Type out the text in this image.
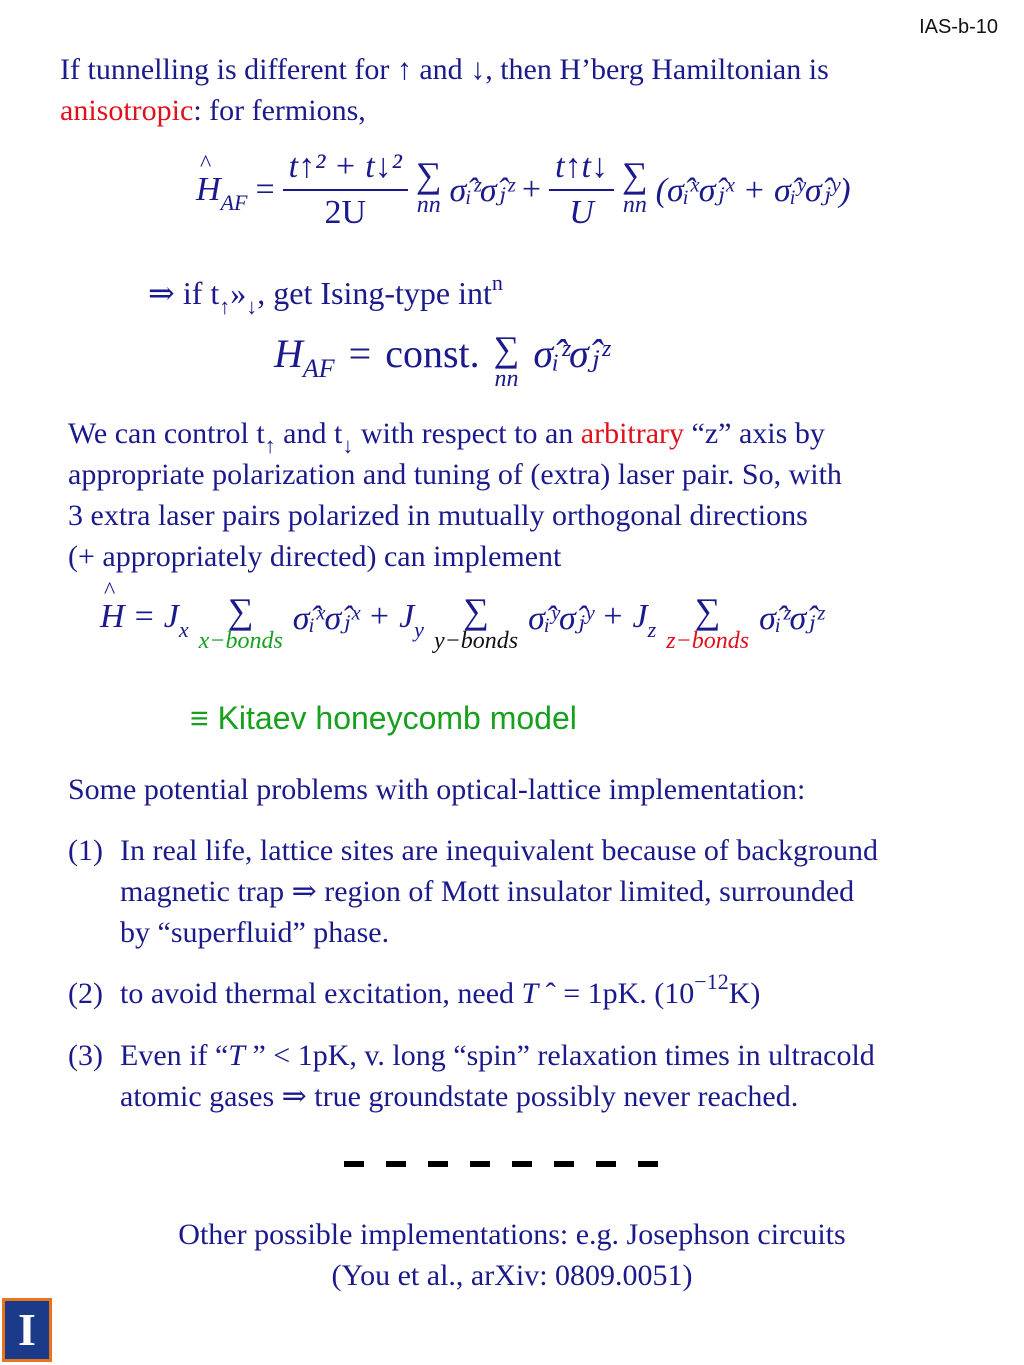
IAS-b-10
If tunnelling is different for ↑ and ↓, then H’berg Hamiltonian is
anisotropic: for fermions,
^ $H_{AF} = \frac{\text{t↑² + t↓²}}{2U}$ ∑
nn σ̂ᵢᶻσ̂ⱼᶻ + $\frac{t↑t↓}{U}$ ∑
nn (σ̂ᵢˣσ̂ⱼˣ + σ̂ᵢʸσ̂ⱼʸ)
⇒ if $t_↑»_↓$, get Ising-type int$^n$
$H_{AF}$ = const. ∑
nn
σ̂ᵢᶻσ̂ⱼᶻ
We can control $t_↑$ and $t_↓$ with respect to an arbitrary “z” axis by
appropriate polarization and tuning of (extra) laser pair. So, with
3 extra laser pairs polarized in mutually orthogonal directions
(+ appropriately directed) can implement
^ $H = J_x$	∑
x−bonds
σ̂ᵢˣσ̂ⱼˣ + $J_y$	∑
y−bonds
σ̂ᵢʸσ̂ⱼʸ + $J_z$	∑
z−bonds
σ̂ᵢᶻσ̂ⱼᶻ
≡ Kitaev honeycomb model
Some potential problems with optical-lattice implementation:
(1) In real life, lattice sites are inequivalent because of background
magnetic trap ⇒ region of Mott insulator limited, surrounded
by “superfluid” phase.
(2) to avoid thermal excitation, need T ˆ = 1pK. $(10^{-12}K)$
(3) Even if “T ” < 1pK, v. long “spin” relaxation times in ultracold
atomic gases ⇒ true groundstate possibly never reached.
Other possible implementations: e.g. Josephson circuits
(You et al., arXiv: 0809.0051)
I
